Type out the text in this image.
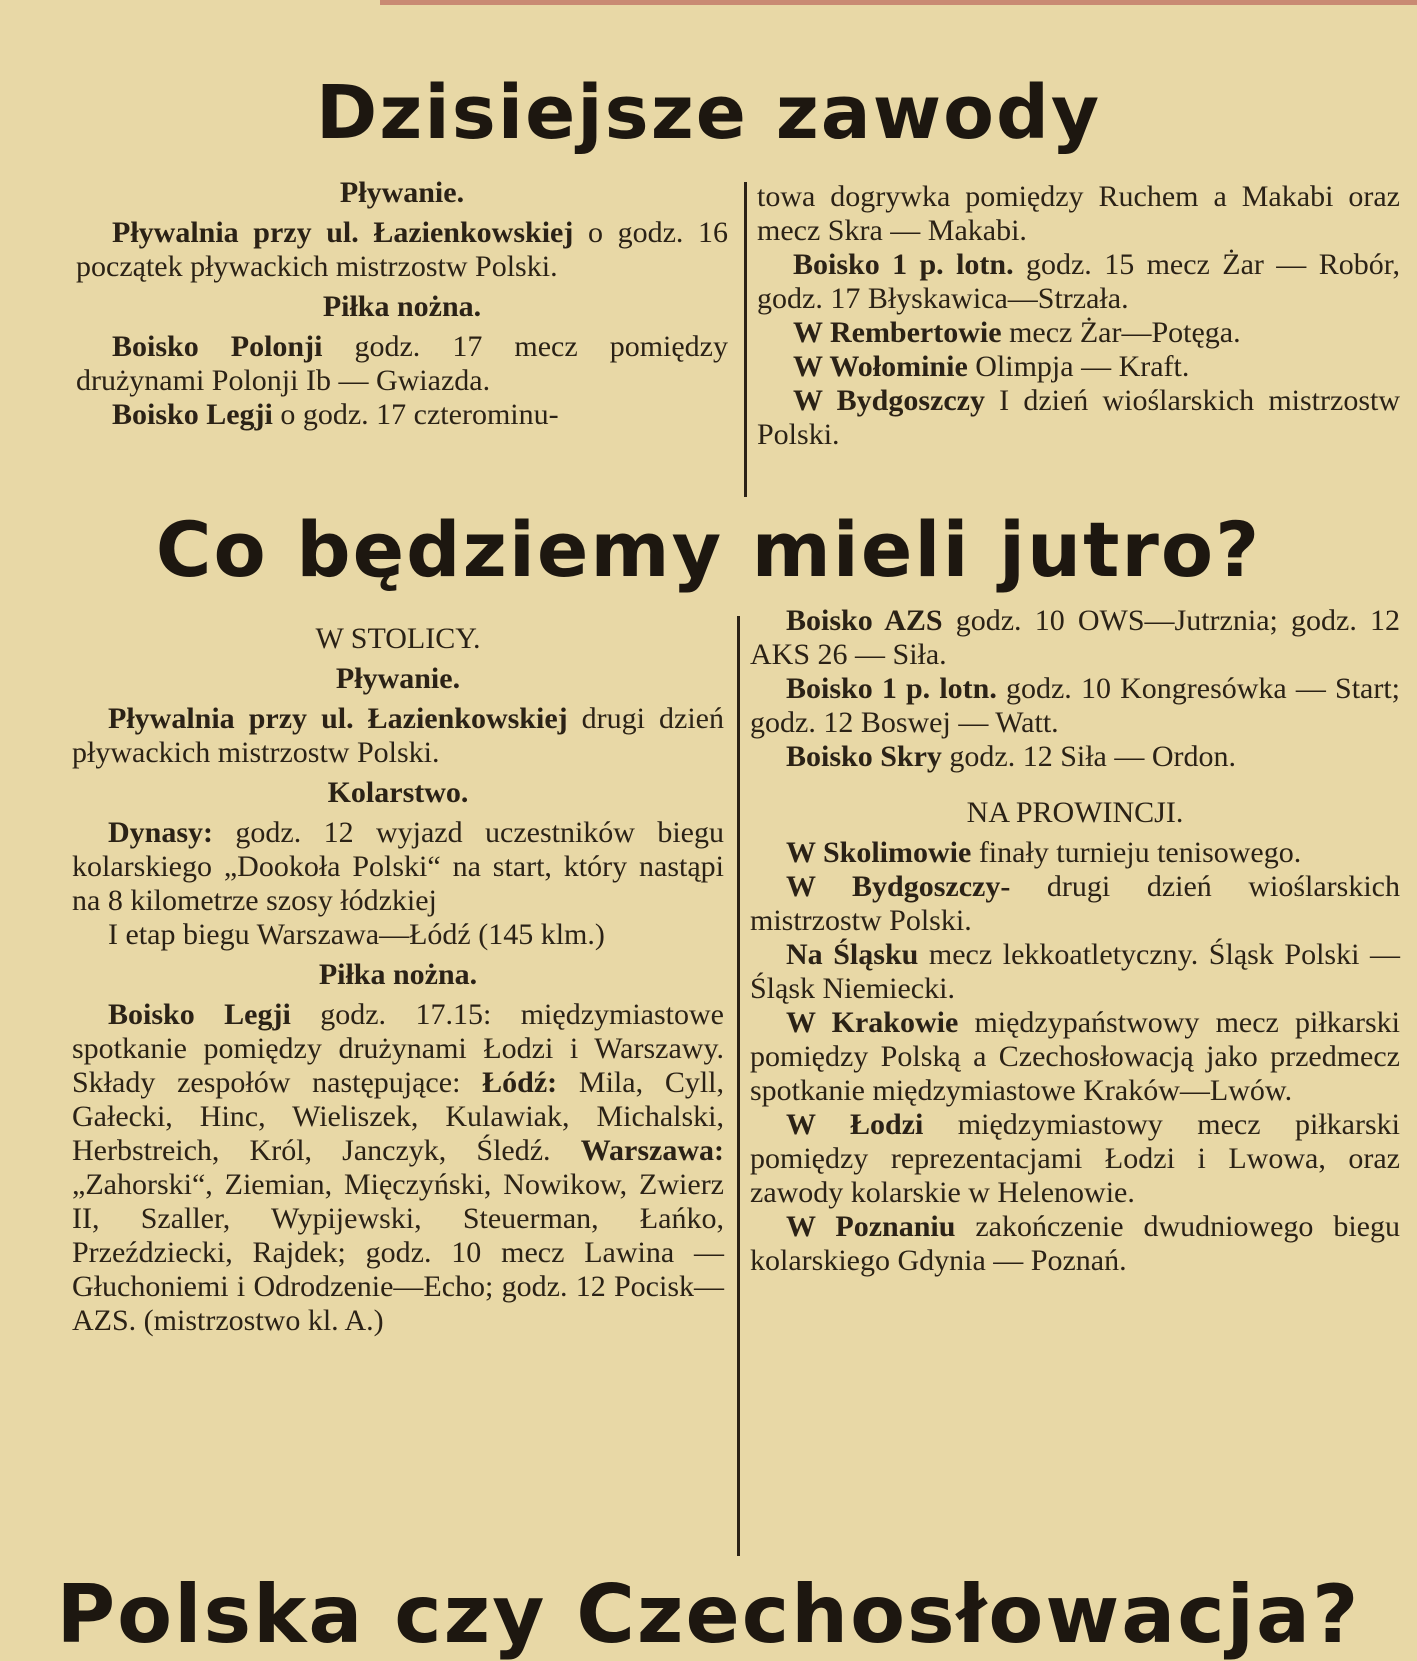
Dzisiejsze zawody

Pływanie.

Pływalnia przy ul. Łazienkowskiej o godz. 16 początek pływackich mistrzostw Polski.

Piłka nożna.

Boisko Polonji godz. 17 mecz pomiędzy drużynami Polonji Ib — Gwiazda.

Boisko Legji o godz. 17 czterominu-

towa dogrywka pomiędzy Ruchem a Makabi oraz mecz Skra — Makabi.

Boisko 1 p. lotn. godz. 15 mecz Żar — Robór, godz. 17 Błyskawica—Strzała.

W Rembertowie mecz Żar—Potęga.

W Wołominie Olimpja — Kraft.

W Bydgoszczy I dzień wioślarskich mistrzostw Polski.

Co będziemy mieli jutro?

W STOLICY.

Pływanie.

Pływalnia przy ul. Łazienkowskiej drugi dzień pływackich mistrzostw Polski.

Kolarstwo.

Dynasy: godz. 12 wyjazd uczestników biegu kolarskiego „Dookoła Polski“ na start, który nastąpi na 8 kilometrze szosy łódzkiej

I etap biegu Warszawa—Łódź (145 klm.)

Piłka nożna.

Boisko Legji godz. 17.15: międzymiastowe spotkanie pomiędzy drużynami Łodzi i Warszawy. Składy zespołów następujące: Łódź: Mila, Cyll, Gałecki, Hinc, Wieliszek, Kulawiak, Michalski, Herbstreich, Król, Janczyk, Śledź. Warszawa: „Zahorski“, Ziemian, Mięczyński, Nowikow, Zwierz II, Szaller, Wypijewski, Steuerman, Łańko, Przeździecki, Rajdek; godz. 10 mecz Lawina — Głuchoniemi i Odrodzenie—Echo; godz. 12 Pocisk—AZS. (mistrzostwo kl. A.)

Boisko AZS godz. 10 OWS—Jutrznia; godz. 12 AKS 26 — Siła.

Boisko 1 p. lotn. godz. 10 Kongresówka — Start; godz. 12 Boswej — Watt.

Boisko Skry godz. 12 Siła — Ordon.

NA PROWINCJI.

W Skolimowie finały turnieju tenisowego.

W Bydgoszczy- drugi dzień wioślarskich mistrzostw Polski.

Na Śląsku mecz lekkoatletyczny. Śląsk Polski — Śląsk Niemiecki.

W Krakowie międzypaństwowy mecz piłkarski pomiędzy Polską a Czechosłowacją jako przedmecz spotkanie międzymiastowe Kraków—Lwów.

W Łodzi międzymiastowy mecz piłkarski pomiędzy reprezentacjami Łodzi i Lwowa, oraz zawody kolarskie w Helenowie.

W Poznaniu zakończenie dwudniowego biegu kolarskiego Gdynia — Poznań.

Polska czy Czechosłowacja?
